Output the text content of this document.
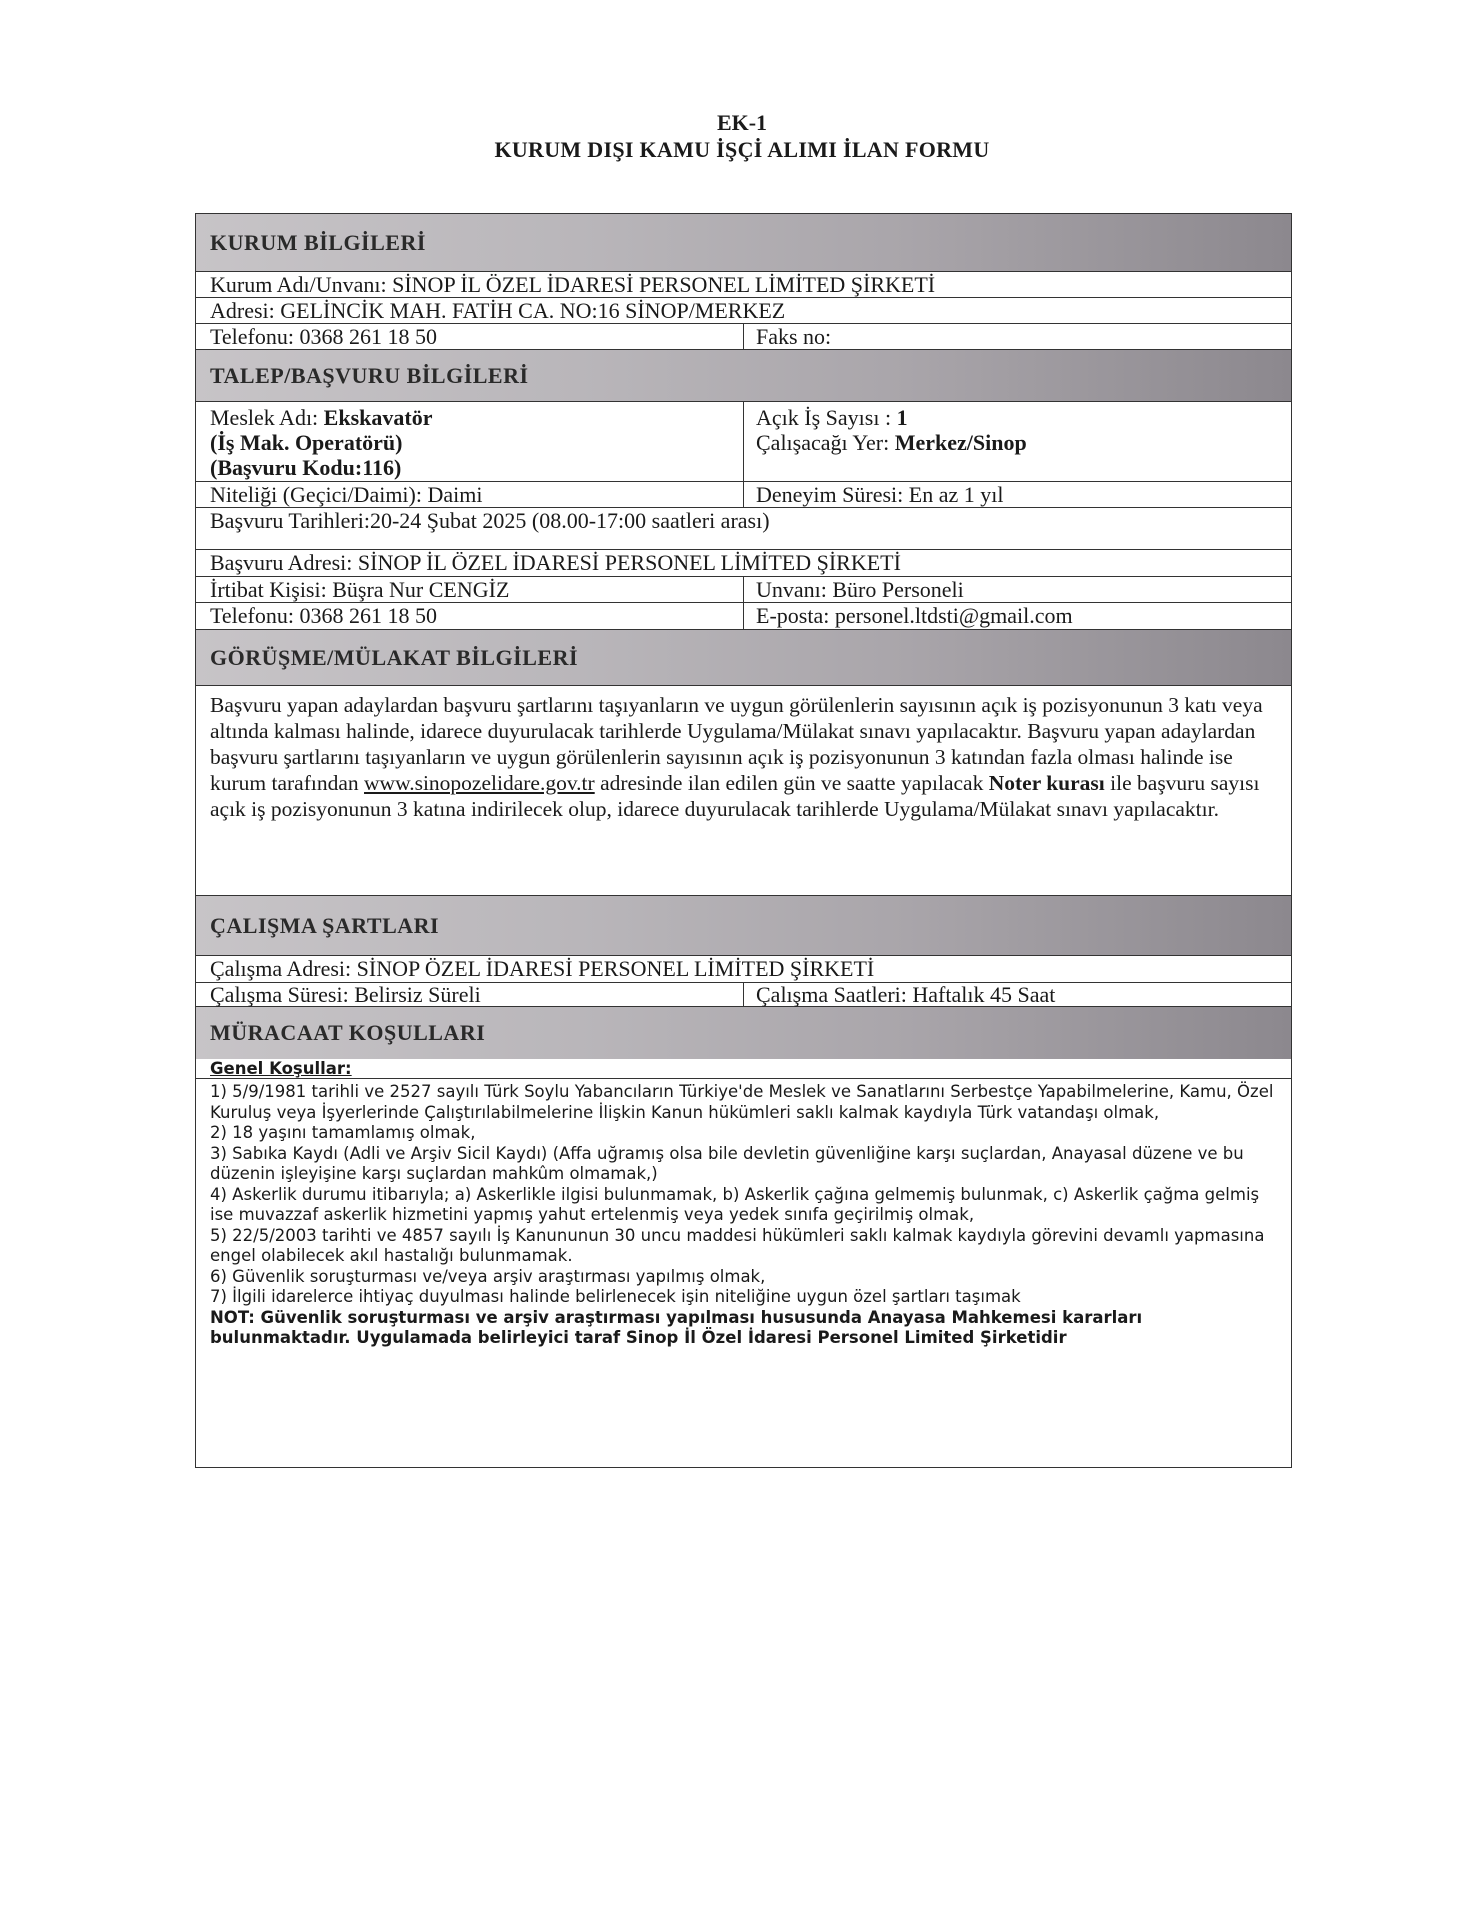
EK-1
KURUM DIŞI KAMU İŞÇİ ALIMI İLAN FORMU
KURUM BİLGİLERİ
Kurum Adı/Unvanı: SİNOP İL ÖZEL İDARESİ PERSONEL LİMİTED ŞİRKETİ
Adresi: GELİNCİK MAH. FATİH CA. NO:16 SİNOP/MERKEZ
Telefonu: 0368 261 18 50	Faks no:
TALEP/BAŞVURU BİLGİLERİ
Meslek Adı: Ekskavatör
(İş Mak. Operatörü)
(Başvuru Kodu:116)
Açık İş Sayısı : 1
Çalışacağı Yer: Merkez/Sinop
Niteliği (Geçici/Daimi): Daimi	Deneyim Süresi: En az 1 yıl
Başvuru Tarihleri:20-24 Şubat 2025 (08.00-17:00 saatleri arası)
Başvuru Adresi: SİNOP İL ÖZEL İDARESİ PERSONEL LİMİTED ŞİRKETİ
İrtibat Kişisi: Büşra Nur CENGİZ	Unvanı: Büro Personeli
Telefonu: 0368 261 18 50	E-posta: personel.ltdsti@gmail.com
GÖRÜŞME/MÜLAKAT BİLGİLERİ
Başvuru yapan adaylardan başvuru şartlarını taşıyanların ve uygun görülenlerin sayısının açık iş pozisyonunun 3 katı veya altında kalması halinde, idarece duyurulacak tarihlerde Uygulama/Mülakat sınavı yapılacaktır. Başvuru yapan adaylardan başvuru şartlarını taşıyanların ve uygun görülenlerin sayısının açık iş pozisyonunun 3 katından fazla olması halinde ise kurum tarafından www.sinopozelidare.gov.tr adresinde ilan edilen gün ve saatte yapılacak Noter kurası ile başvuru sayısı açık iş pozisyonunun 3 katına indirilecek olup, idarece duyurulacak tarihlerde Uygulama/Mülakat sınavı yapılacaktır.
ÇALIŞMA ŞARTLARI
Çalışma Adresi: SİNOP ÖZEL İDARESİ PERSONEL LİMİTED ŞİRKETİ
Çalışma Süresi: Belirsiz Süreli	Çalışma Saatleri: Haftalık 45 Saat
MÜRACAAT KOŞULLARI
Genel Koşullar:
1) 5/9/1981 tarihli ve 2527 sayılı Türk Soylu Yabancıların Türkiye'de Meslek ve Sanatlarını Serbestçe Yapabilmelerine, Kamu, Özel Kuruluş veya İşyerlerinde Çalıştırılabilmelerine İlişkin Kanun hükümleri saklı kalmak kaydıyla Türk vatandaşı olmak,
2) 18 yaşını tamamlamış olmak,
3) Sabıka Kaydı (Adli ve Arşiv Sicil Kaydı) (Affa uğramış olsa bile devletin güvenliğine karşı suçlardan, Anayasal düzene ve bu düzenin işleyişine karşı suçlardan mahkûm olmamak,)
4) Askerlik durumu itibarıyla; a) Askerlikle ilgisi bulunmamak, b) Askerlik çağına gelmemiş bulunmak, c) Askerlik çağma gelmiş ise muvazzaf askerlik hizmetini yapmış yahut ertelenmiş veya yedek sınıfa geçirilmiş olmak,
5) 22/5/2003 tarihti ve 4857 sayılı İş Kanununun 30 uncu maddesi hükümleri saklı kalmak kaydıyla görevini devamlı yapmasına engel olabilecek akıl hastalığı bulunmamak.
6) Güvenlik soruşturması ve/veya arşiv araştırması yapılmış olmak,
7) İlgili idarelerce ihtiyaç duyulması halinde belirlenecek işin niteliğine uygun özel şartları taşımak
NOT: Güvenlik soruşturması ve arşiv araştırması yapılması hususunda Anayasa Mahkemesi kararları bulunmaktadır. Uygulamada belirleyici taraf Sinop İl Özel İdaresi Personel Limited Şirketidir
